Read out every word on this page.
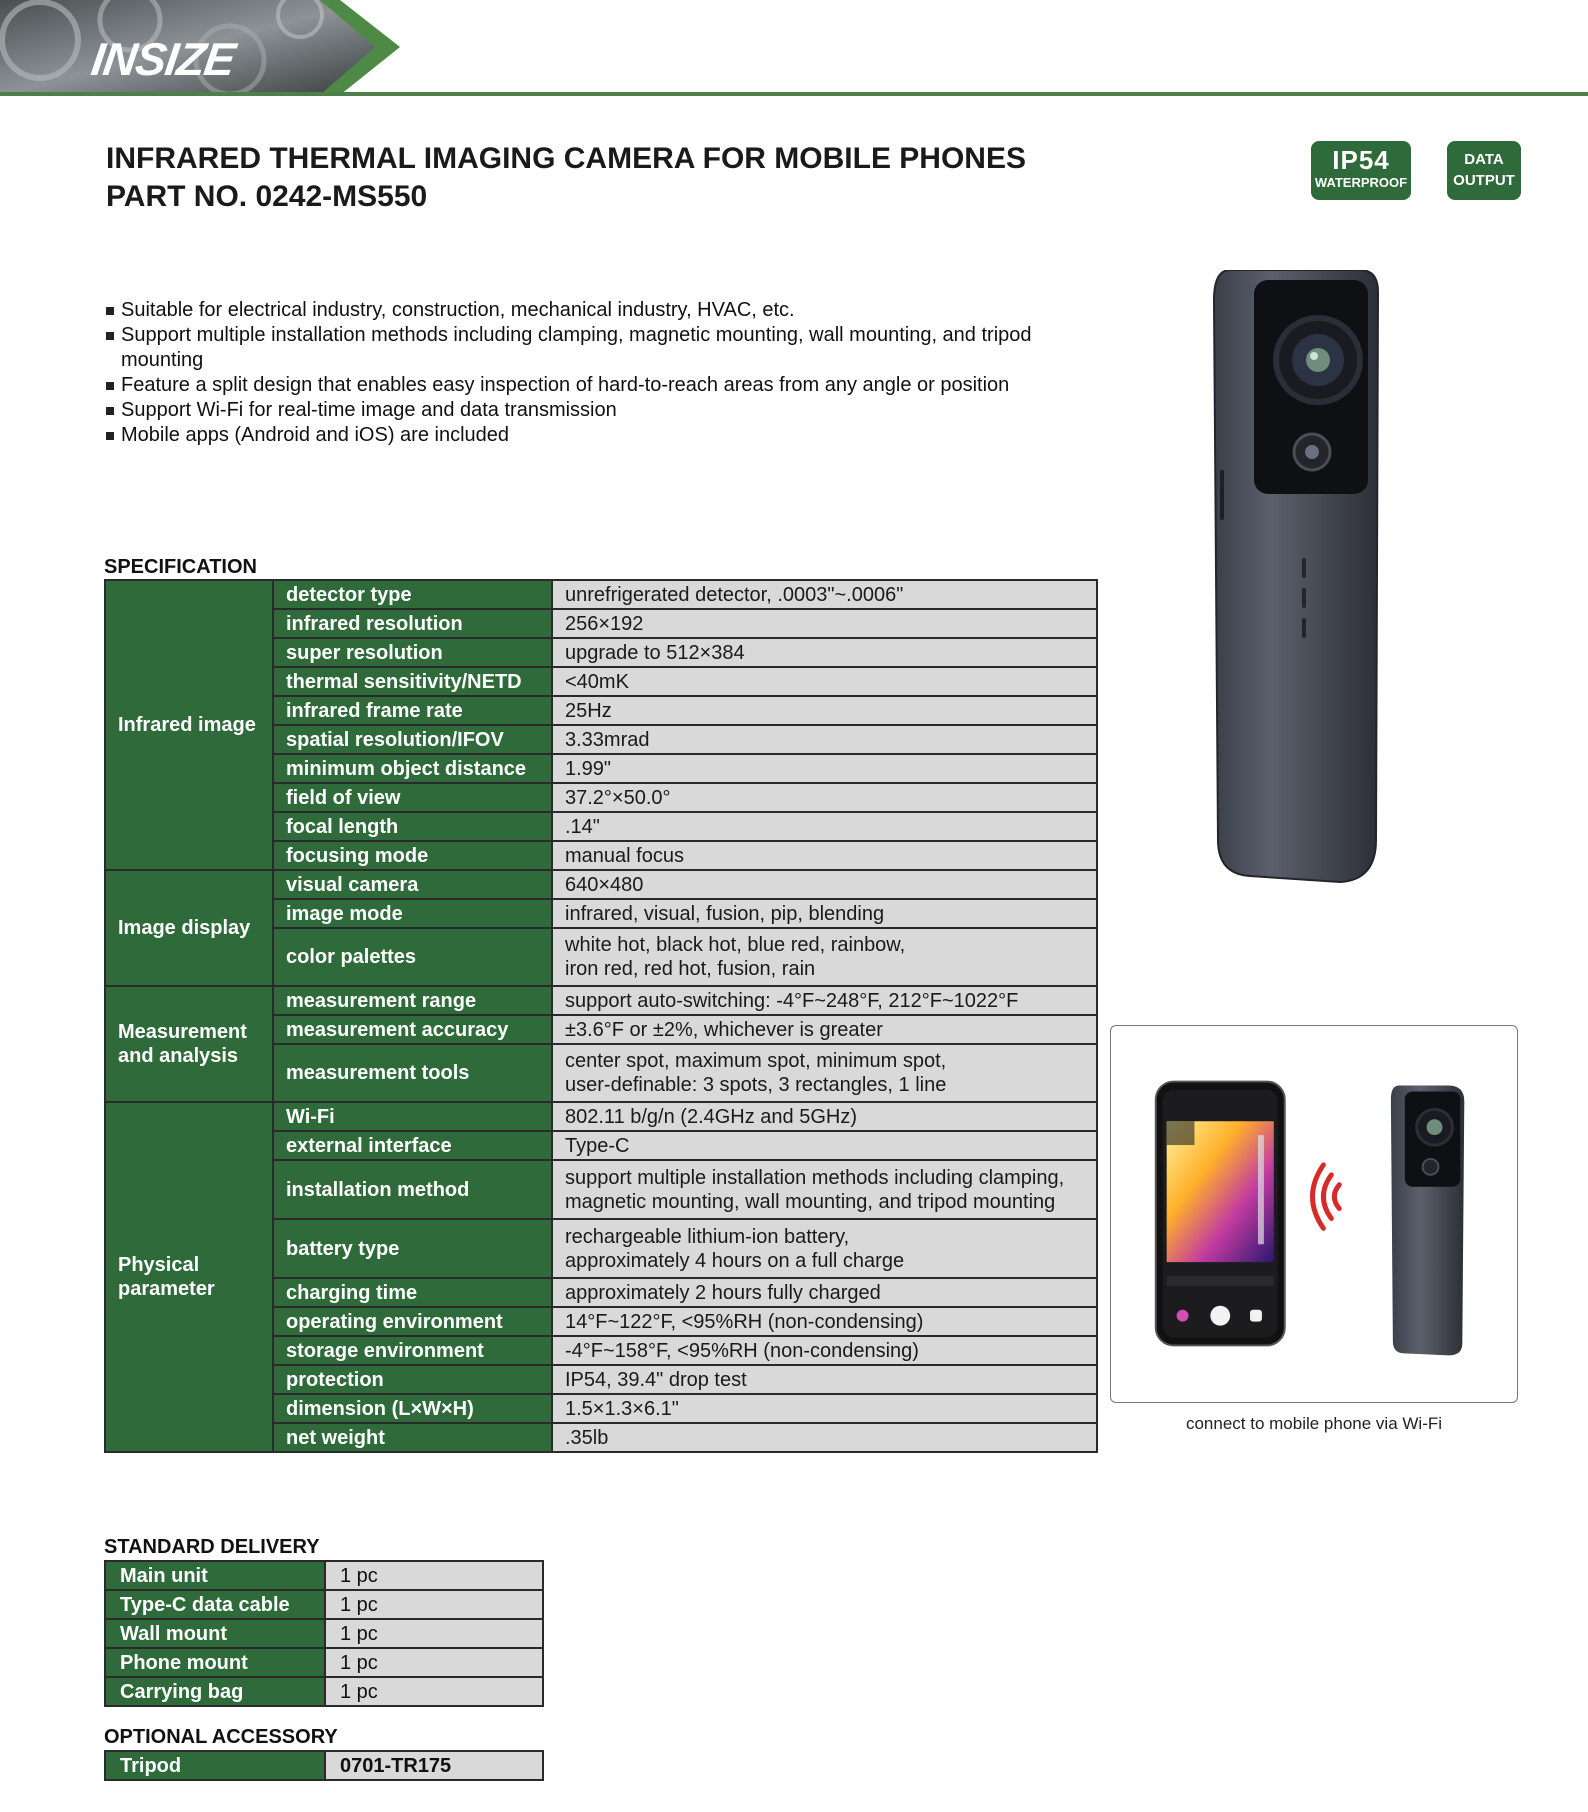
INSIZE
INFRARED THERMAL IMAGING CAMERA FOR MOBILE PHONES
PART NO. 0242-MS550
IP54
WATERPROOF
DATA
OUTPUT
Suitable for electrical industry, construction, mechanical industry, HVAC, etc.
Support multiple installation methods including clamping, magnetic mounting, wall mounting, and tripod mounting
Feature a split design that enables easy inspection of hard-to-reach areas from any angle or position
Support Wi-Fi for real-time image and data transmission
Mobile apps (Android and iOS) are included
SPECIFICATION
Infrared image	detector type	unrefrigerated detector, .0003"~.0006"
	infrared resolution	256×192
	super resolution	upgrade to 512×384
	thermal sensitivity/NETD	<40mK
	infrared frame rate	25Hz
	spatial resolution/IFOV	3.33mrad
	minimum object distance	1.99"
	field of view	37.2°×50.0°
	focal length	.14"
	focusing mode	manual focus
Image display	visual camera	640×480
	image mode	infrared, visual, fusion, pip, blending
	color palettes	white hot, black hot, blue red, rainbow,
iron red, red hot, fusion, rain

Measurement
and analysis	measurement range	support auto-switching: -4°F~248°F, 212°F~1022°F
	measurement accuracy	±3.6°F or ±2%, whichever is greater
	measurement tools	center spot, maximum spot, minimum spot,
user-definable: 3 spots, 3 rectangles, 1 line

Physical
parameter	Wi-Fi	802.11 b/g/n (2.4GHz and 5GHz)
	external interface	Type-C
	installation method	support multiple installation methods including clamping,
magnetic mounting, wall mounting, and tripod mounting

	battery type	rechargeable lithium-ion battery,
approximately 4 hours on a full charge

	charging time	approximately 2 hours fully charged
	operating environment	14°F~122°F, <95%RH (non-condensing)
	storage environment	-4°F~158°F, <95%RH (non-condensing)
	protection	IP54, 39.4" drop test
	dimension (L×W×H)	1.5×1.3×6.1"
	net weight	.35lb
STANDARD DELIVERY
Main unit	1 pc
Type-C data cable	1 pc
Wall mount	1 pc
Phone mount	1 pc
Carrying bag	1 pc
OPTIONAL ACCESSORY
Tripod	0701-TR175
connect to mobile phone via Wi-Fi
